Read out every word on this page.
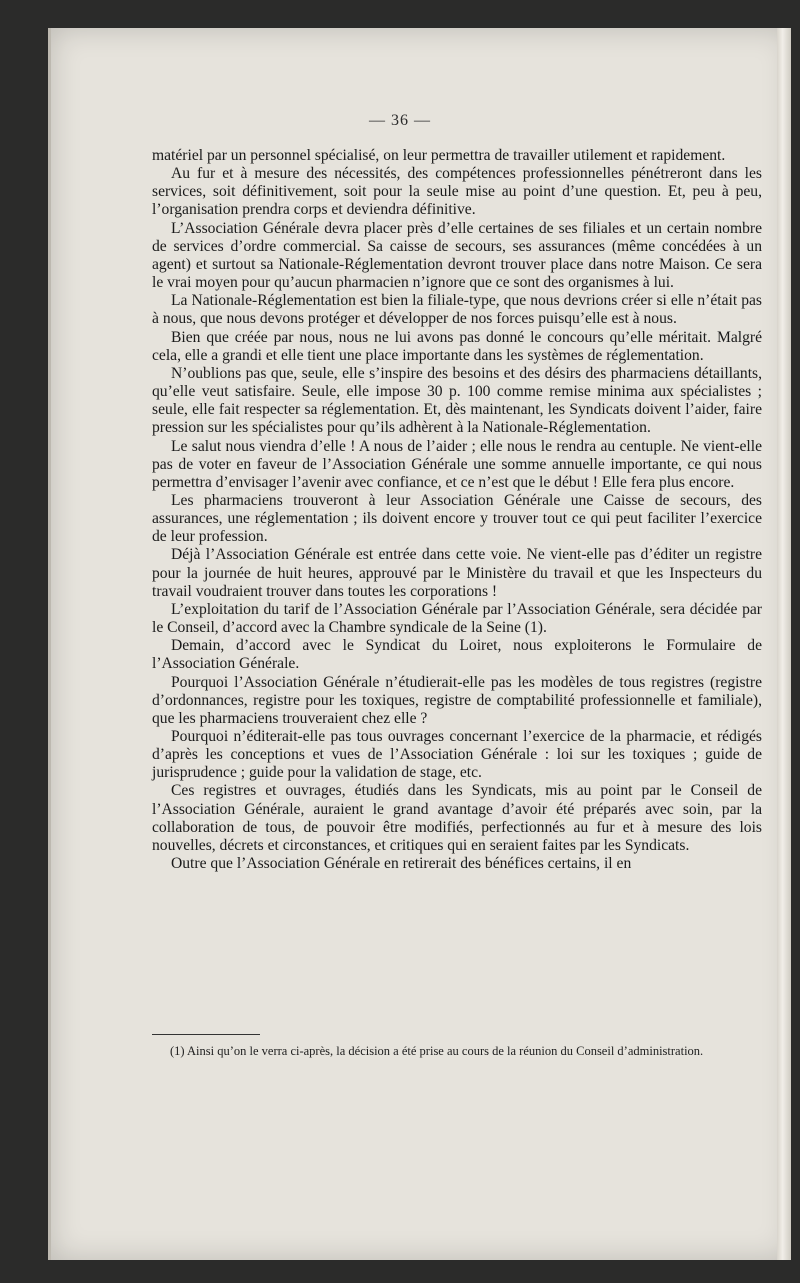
— 36 —

matériel par un personnel spécialisé, on leur permettra de travailler utilement et rapidement.

Au fur et à mesure des nécessités, des compétences professionnelles pénétreront dans les services, soit définitivement, soit pour la seule mise au point d’une question. Et, peu à peu, l’organisation prendra corps et deviendra définitive.

L’Association Générale devra placer près d’elle certaines de ses filiales et un certain nombre de services d’ordre commercial. Sa caisse de secours, ses assurances (même concédées à un agent) et surtout sa Nationale-Réglementation devront trouver place dans notre Maison. Ce sera le vrai moyen pour qu’aucun pharmacien n’ignore que ce sont des organismes à lui.

La Nationale-Réglementation est bien la filiale-type, que nous devrions créer si elle n’était pas à nous, que nous devons protéger et développer de nos forces puisqu’elle est à nous.

Bien que créée par nous, nous ne lui avons pas donné le concours qu’elle méritait. Malgré cela, elle a grandi et elle tient une place importante dans les systèmes de réglementation.

N’oublions pas que, seule, elle s’inspire des besoins et des désirs des pharmaciens détaillants, qu’elle veut satisfaire. Seule, elle impose 30 p. 100 comme remise minima aux spécialistes ; seule, elle fait respecter sa réglementation. Et, dès maintenant, les Syndicats doivent l’aider, faire pression sur les spécialistes pour qu’ils adhèrent à la Nationale-Réglementation.

Le salut nous viendra d’elle ! A nous de l’aider ; elle nous le rendra au centuple. Ne vient-elle pas de voter en faveur de l’Association Générale une somme annuelle importante, ce qui nous permettra d’envisager l’avenir avec confiance, et ce n’est que le début ! Elle fera plus encore.

Les pharmaciens trouveront à leur Association Générale une Caisse de secours, des assurances, une réglementation ; ils doivent encore y trouver tout ce qui peut faciliter l’exercice de leur profession.

Déjà l’Association Générale est entrée dans cette voie. Ne vient-elle pas d’éditer un registre pour la journée de huit heures, approuvé par le Ministère du travail et que les Inspecteurs du travail voudraient trouver dans toutes les corporations !

L’exploitation du tarif de l’Association Générale par l’Association Générale, sera décidée par le Conseil, d’accord avec la Chambre syndicale de la Seine (1).

Demain, d’accord avec le Syndicat du Loiret, nous exploiterons le Formulaire de l’Association Générale.

Pourquoi l’Association Générale n’étudierait-elle pas les modèles de tous registres (registre d’ordonnances, registre pour les toxiques, registre de comptabilité professionnelle et familiale), que les pharmaciens trouveraient chez elle ?

Pourquoi n’éditerait-elle pas tous ouvrages concernant l’exercice de la pharmacie, et rédigés d’après les conceptions et vues de l’Association Générale : loi sur les toxiques ; guide de jurisprudence ; guide pour la validation de stage, etc.

Ces registres et ouvrages, étudiés dans les Syndicats, mis au point par le Conseil de l’Association Générale, auraient le grand avantage d’avoir été préparés avec soin, par la collaboration de tous, de pouvoir être modifiés, perfectionnés au fur et à mesure des lois nouvelles, décrets et circonstances, et critiques qui en seraient faites par les Syndicats.

Outre que l’Association Générale en retirerait des bénéfices certains, il en

(1) Ainsi qu’on le verra ci-après, la décision a été prise au cours de la réunion du Conseil d’administration.
